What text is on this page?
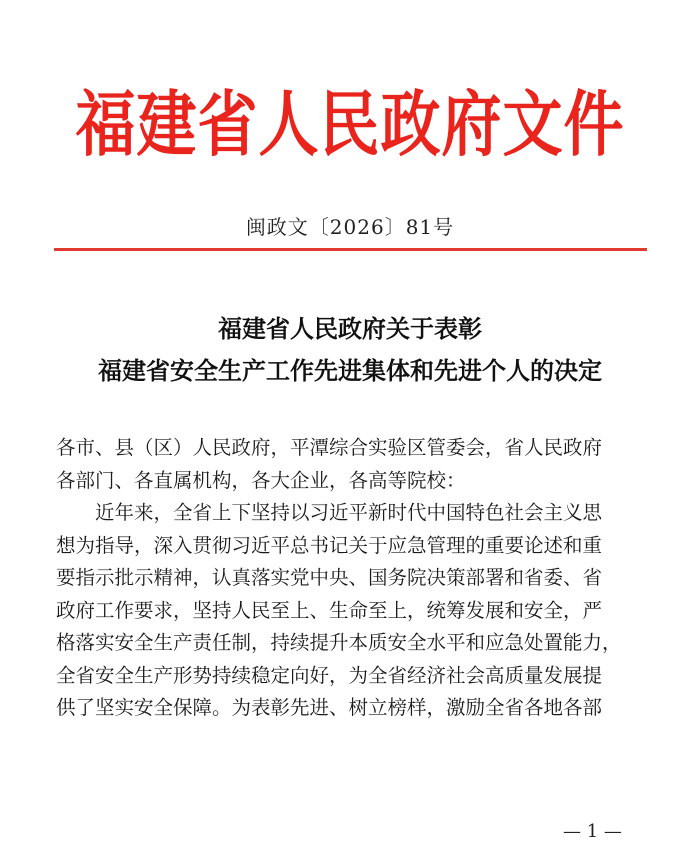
福建省人民政府文件
闽政文〔2026〕81号
福建省人民政府关于表彰
福建省安全生产工作先进集体和先进个人的决定
各市、县（区）人民政府，平潭综合实验区管委会，省人民政府
各部门、各直属机构，各大企业，各高等院校：
近年来，全省上下坚持以习近平新时代中国特色社会主义思
想为指导，深入贯彻习近平总书记关于应急管理的重要论述和重
要指示批示精神，认真落实党中央、国务院决策部署和省委、省
政府工作要求，坚持人民至上、生命至上，统筹发展和安全，严
格落实安全生产责任制，持续提升本质安全水平和应急处置能力，
全省安全生产形势持续稳定向好，为全省经济社会高质量发展提
供了坚实安全保障。为表彰先进、树立榜样，激励全省各地各部
— 1 —
